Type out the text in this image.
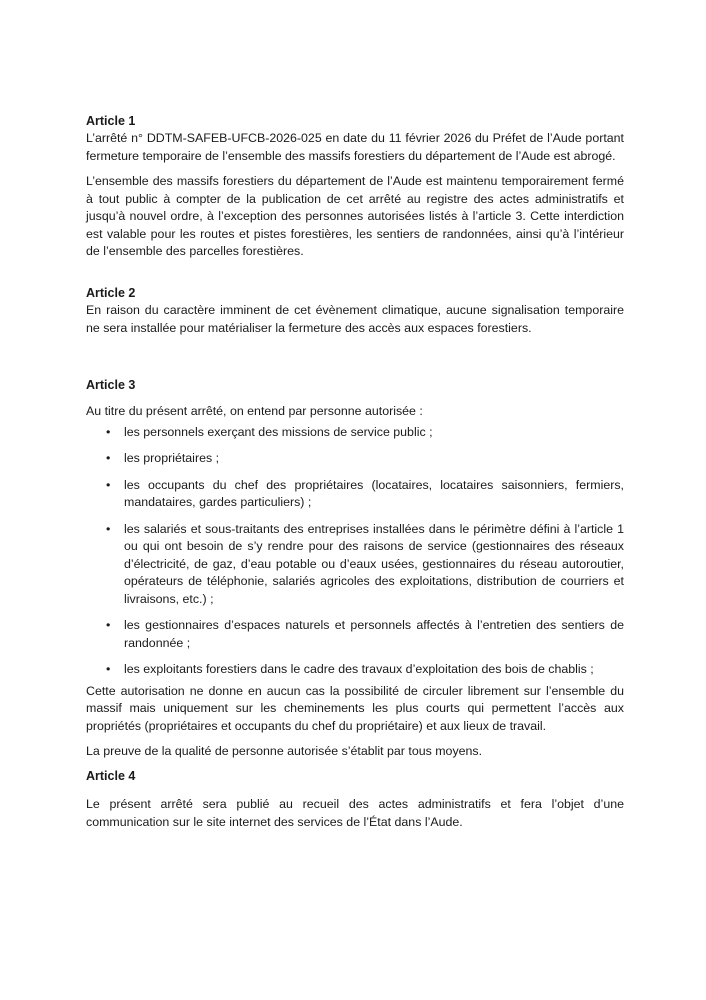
Article 1

L’arrêté n° DDTM-SAFEB-UFCB-2026-025 en date du 11 février 2026 du Préfet de l’Aude portant fermeture temporaire de l’ensemble des massifs forestiers du département de l’Aude est abrogé.

L’ensemble des massifs forestiers du département de l’Aude est maintenu temporairement fermé à tout public à compter de la publication de cet arrêté au registre des actes administratifs et jusqu’à nouvel ordre, à l’exception des personnes autorisées listés à l’article 3. Cette interdiction est valable pour les routes et pistes forestières, les sentiers de randonnées, ainsi qu’à l’intérieur de l’ensemble des parcelles forestières.

Article 2

En raison du caractère imminent de cet évènement climatique, aucune signalisation temporaire ne sera installée pour matérialiser la fermeture des accès aux espaces forestiers.

Article 3

Au titre du présent arrêté, on entend par personne autorisée :

• les personnels exerçant des missions de service public ;
• les propriétaires ;
• les occupants du chef des propriétaires (locataires, locataires saisonniers, fermiers, mandataires, gardes particuliers) ;
• les salariés et sous-traitants des entreprises installées dans le périmètre défini à l’article 1 ou qui ont besoin de s’y rendre pour des raisons de service (gestionnaires des réseaux d’électricité, de gaz, d’eau potable ou d’eaux usées, gestionnaires du réseau autoroutier, opérateurs de téléphonie, salariés agricoles des exploitations, distribution de courriers et livraisons, etc.) ;
• les gestionnaires d’espaces naturels et personnels affectés à l’entretien des sentiers de randonnée ;
• les exploitants forestiers dans le cadre des travaux d’exploitation des bois de chablis ;

Cette autorisation ne donne en aucun cas la possibilité de circuler librement sur l’ensemble du massif mais uniquement sur les cheminements les plus courts qui permettent l’accès aux propriétés (propriétaires et occupants du chef du propriétaire) et aux lieux de travail.

La preuve de la qualité de personne autorisée s’établit par tous moyens.

Article 4

Le présent arrêté sera publié au recueil des actes administratifs et fera l’objet d’une communication sur le site internet des services de l’État dans l’Aude.
